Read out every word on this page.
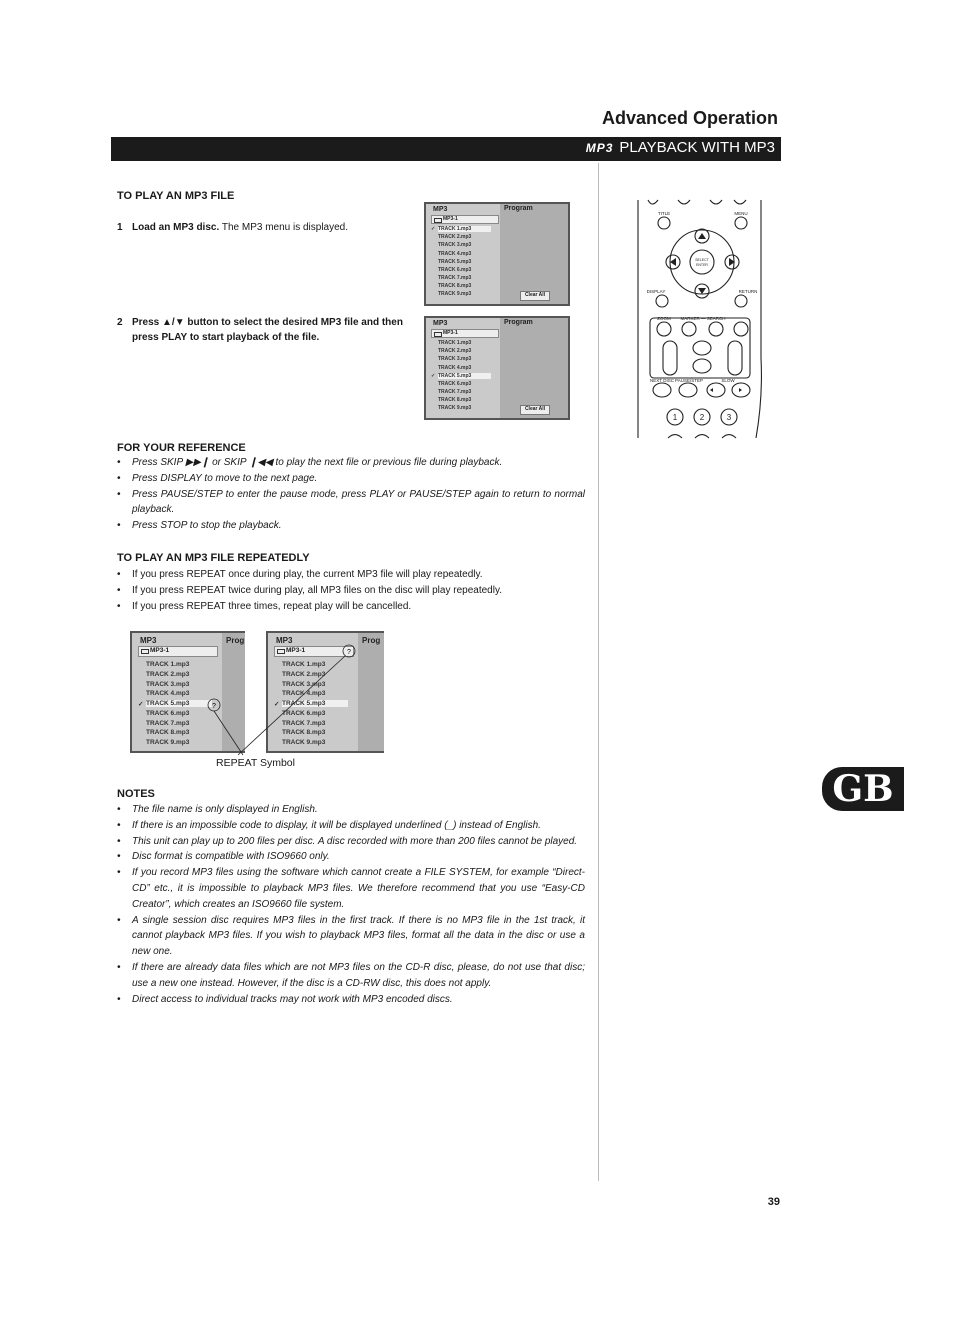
Advanced Operation
MP3 PLAYBACK WITH MP3
TO PLAY AN MP3 FILE
1 Load an MP3 disc. The MP3 menu is displayed.
2 Press ▲/▼ button to select the desired MP3 file and then press PLAY to start playback of the file.
MP3	Program
MP3-1
✓ TRACK 1.mp3
TRACK 2.mp3
TRACK 3.mp3
TRACK 4.mp3
TRACK 5.mp3
TRACK 6.mp3
TRACK 7.mp3
TRACK 8.mp3
TRACK 9.mp3	Clear All
MP3	Program
MP3-1
TRACK 1.mp3
TRACK 2.mp3
TRACK 3.mp3
TRACK 4.mp3
✓ TRACK 5.mp3
TRACK 6.mp3
TRACK 7.mp3
TRACK 8.mp3
TRACK 9.mp3	Clear All
FOR YOUR REFERENCE
• Press SKIP ▶▶❙ or SKIP ❙◀◀ to play the next file or previous file during playback.
• Press DISPLAY to move to the next page.
• Press PAUSE/STEP to enter the pause mode, press PLAY or PAUSE/STEP again to return to normal playback.
• Press STOP to stop the playback.
TO PLAY AN MP3 FILE REPEATEDLY
• If you press REPEAT once during play, the current MP3 file will play repeatedly.
• If you press REPEAT twice during play, all MP3 files on the disc will play repeatedly.
• If you press REPEAT three times, repeat play will be cancelled.
MP3	Prog
MP3-1
TRACK 1.mp3
TRACK 2.mp3
TRACK 3.mp3
TRACK 4.mp3
✓ TRACK 5.mp3
TRACK 6.mp3
TRACK 7.mp3
TRACK 8.mp3
TRACK 9.mp3
MP3	Prog
MP3-1
TRACK 1.mp3
TRACK 2.mp3
TRACK 3.mp3
TRACK 4.mp3
✓ TRACK 5.mp3
TRACK 6.mp3
TRACK 7.mp3
TRACK 8.mp3
TRACK 9.mp3
?
?
REPEAT Symbol
NOTES
• The file name is only displayed in English.
• If there is an impossible code to display, it will be displayed underlined (_) instead of English.
• This unit can play up to 200 files per disc. A disc recorded with more than 200 files cannot be played.
• Disc format is compatible with ISO9660 only.
• If you record MP3 files using the software which cannot create a FILE SYSTEM, for example “Direct-CD” etc., it is impossible to playback MP3 files. We therefore recommend that you use “Easy-CD Creator”, which creates an ISO9660 file system.
• A single session disc requires MP3 files in the first track. If there is no MP3 file in the 1st track, it cannot playback MP3 files. If you wish to playback MP3 files, format all the data in the disc or use a new one.
• If there are already data files which are not MP3 files on the CD-R disc, please, do not use that disc; use a new one instead. However, if the disc is a CD-RW disc, this does not apply.
• Direct access to individual tracks may not work with MP3 encoded discs.
TITLE	MENU
SELECT
ENTER
DISPLAY	RETURN
ZOOM MARKER — SEARCH
NEXT DISC PAUSE/STEP	SLOW
1	2	3
GB
39
